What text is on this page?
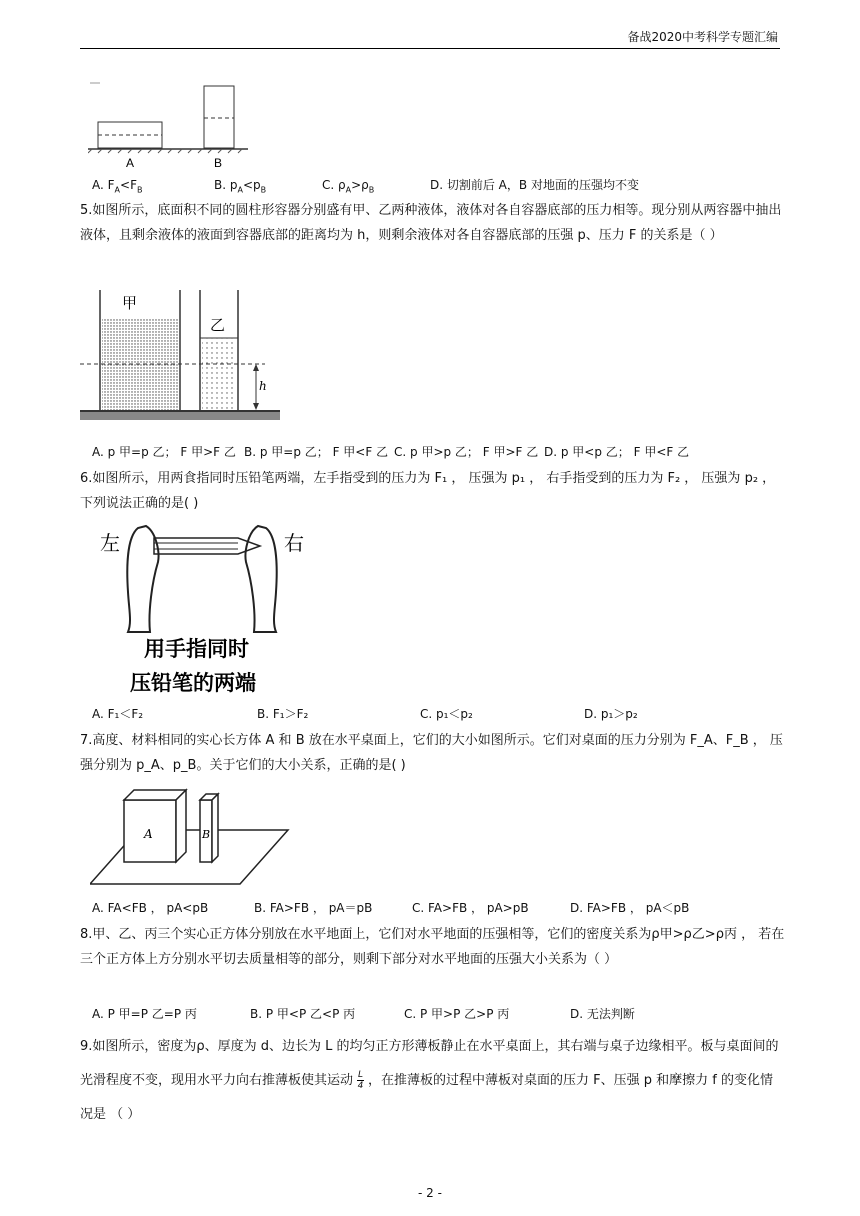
备战2020中考科学专题汇编
A	B
A. $F_A<F_B$	B. $p_A<p_B$	C. $\rho_A>\rho_B$	D. 切割前后 A，B 对地面的压强均不变
5.如图所示，底面积不同的圆柱形容器分别盛有甲、乙两种液体，液体对各自容器底部的压力相等。现分别从两容器中抽出液体，且剩余液体的液面到容器底部的距离均为 h，则剩余液体对各自容器底部的压强 p、压力 F 的关系是（ ）
甲
乙
h
A. p 甲=p 乙； F 甲>F 乙 B. p 甲=p 乙； F 甲<F 乙 C. p 甲>p 乙； F 甲>F 乙 D. p 甲<p 乙； F 甲<F 乙
6.如图所示，用两食指同时压铅笔两端，左手指受到的压力为 F₁ ， 压强为 p₁ ， 右手指受到的压力为 F₂ ， 压强为 p₂ ， 下列说法正确的是( )
左	右
用手指同时
压铅笔的两端
A. F₁＜F₂	B. F₁＞F₂	C. p₁＜p₂	D. p₁＞p₂
7.高度、材料相同的实心长方体 A 和 B 放在水平桌面上，它们的大小如图所示。它们对桌面的压力分别为 F_A、F_B ， 压强分别为 p_A、p_B。关于它们的大小关系，正确的是( )
A	B
A. FA<FB ， pA<pB	B. FA>FB ， pA＝pB	C. FA>FB ， pA>pB	D. FA>FB ， pA＜pB
8.甲、乙、丙三个实心正方体分别放在水平地面上，它们对水平地面的压强相等，它们的密度关系为ρ甲>ρ乙>ρ丙 ， 若在三个正方体上方分别水平切去质量相等的部分，则剩下部分对水平地面的压强大小关系为（ ）
A. P 甲=P 乙=P 丙	B. P 甲<P 乙<P 丙	C. P 甲>P 乙>P 丙	D. 无法判断
9.如图所示，密度为ρ、厚度为 d、边长为 L 的均匀正方形薄板静止在水平桌面上，其右端与桌子边缘相平。板与桌面间的光滑程度不变，现用水平力向右推薄板使其运动 $\frac{L}{4}$ ，在推薄板的过程中薄板对桌面的压力 F、压强 p 和摩擦力 f 的变化情况是 （ ）
- 2 -
